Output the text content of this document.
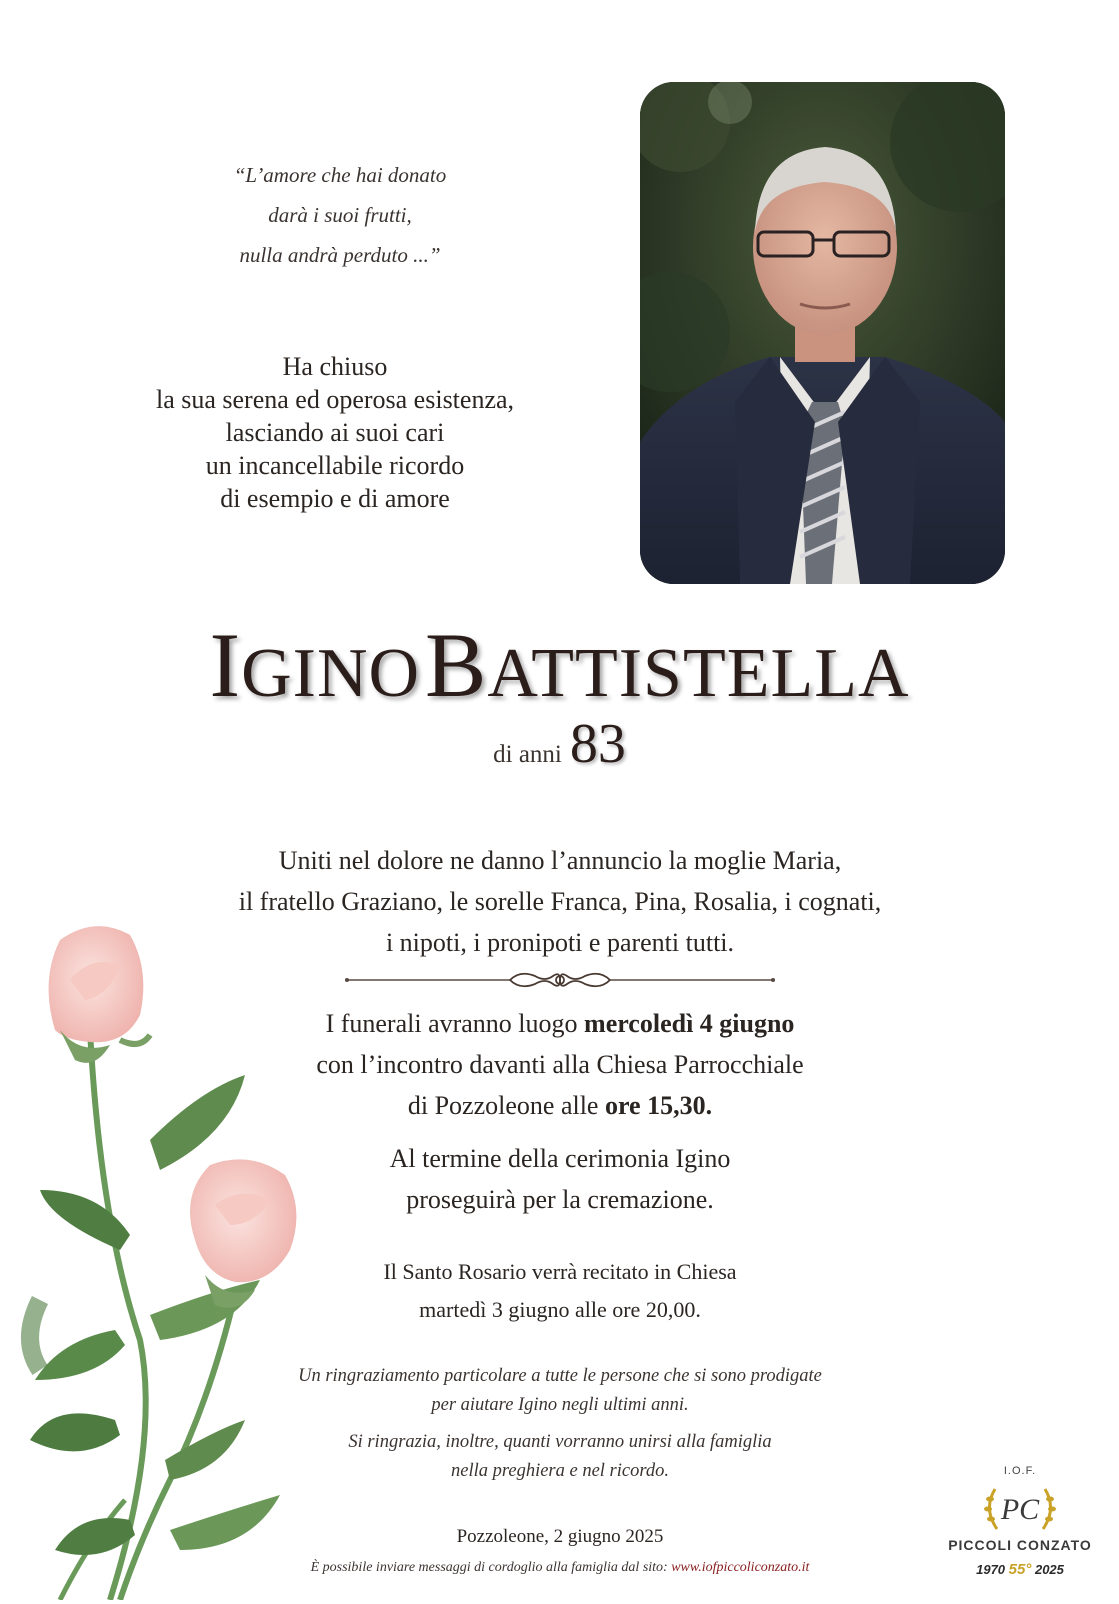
“L’amore che hai donato
darà i suoi frutti,
nulla andrà perduto ...”
Ha chiuso
la sua serena ed operosa esistenza,
lasciando ai suoi cari
un incancellabile ricordo
di esempio e di amore
IGINO BATTISTELLA
di anni 83
Uniti nel dolore ne danno l’annuncio la moglie Maria,
il fratello Graziano, le sorelle Franca, Pina, Rosalia, i cognati,
i nipoti, i pronipoti e parenti tutti.
I funerali avranno luogo mercoledì 4 giugno
con l’incontro davanti alla Chiesa Parrocchiale
di Pozzoleone alle ore 15,30.
Al termine della cerimonia Igino
proseguirà per la cremazione.
Il Santo Rosario verrà recitato in Chiesa
martedì 3 giugno alle ore 20,00.
Un ringraziamento particolare a tutte le persone che si sono prodigate
per aiutare Igino negli ultimi anni.
Si ringrazia, inoltre, quanti vorranno unirsi alla famiglia
nella preghiera e nel ricordo.
Pozzoleone, 2 giugno 2025
È possibile inviare messaggi di cordoglio alla famiglia dal sito: www.iofpiccoliconzato.it
I.O.F.
PC
PICCOLI CONZATO
1970 55° 2025
